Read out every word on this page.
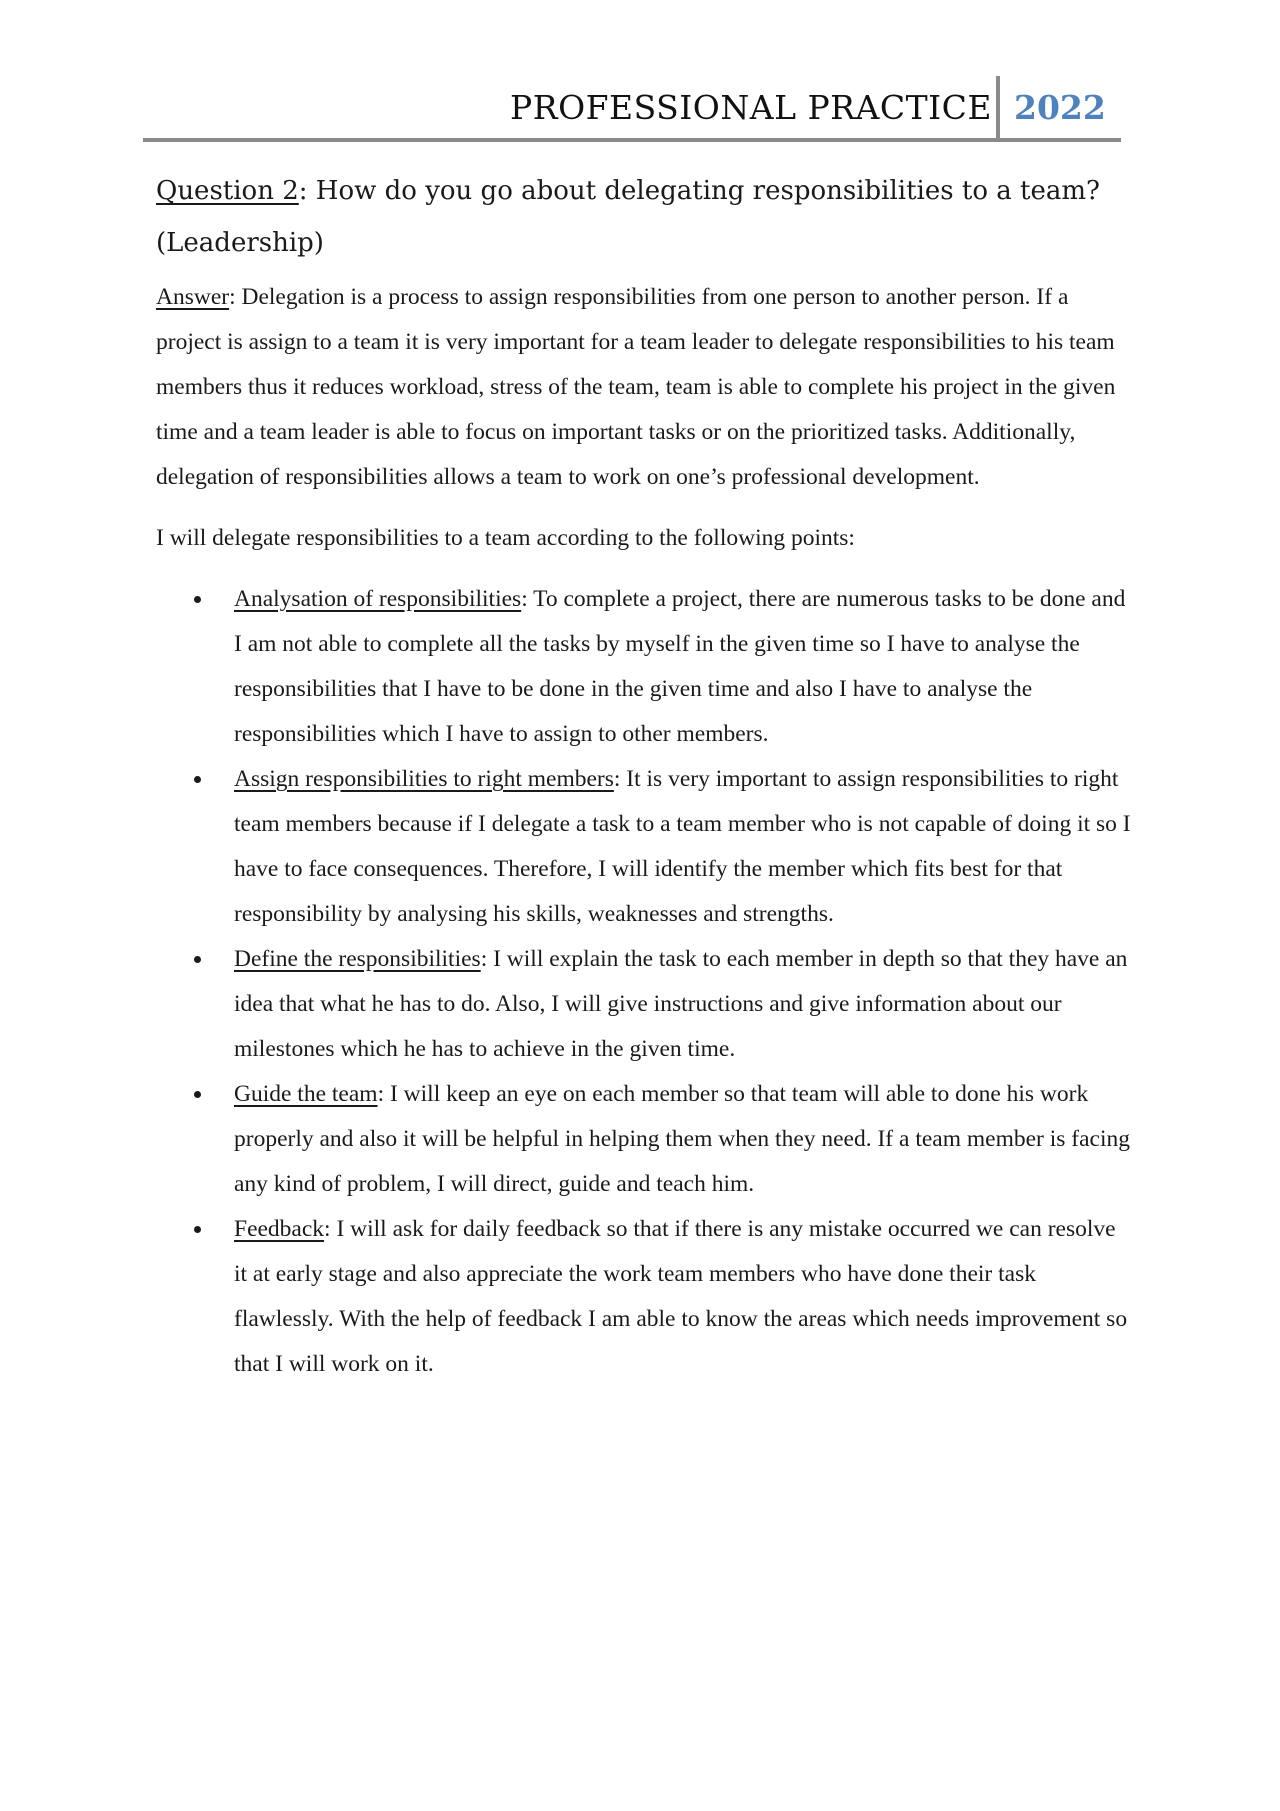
PROFESSIONAL PRACTICE 2022
Question 2: How do you go about delegating responsibilities to a team? (Leadership)

Answer: Delegation is a process to assign responsibilities from one person to another person. If a project is assign to a team it is very important for a team leader to delegate responsibilities to his team members thus it reduces workload, stress of the team, team is able to complete his project in the given time and a team leader is able to focus on important tasks or on the prioritized tasks. Additionally, delegation of responsibilities allows a team to work on one’s professional development.

I will delegate responsibilities to a team according to the following points:

Analysation of responsibilities: To complete a project, there are numerous tasks to be done and I am not able to complete all the tasks by myself in the given time so I have to analyse the responsibilities that I have to be done in the given time and also I have to analyse the responsibilities which I have to assign to other members.
Assign responsibilities to right members: It is very important to assign responsibilities to right team members because if I delegate a task to a team member who is not capable of doing it so I have to face consequences. Therefore, I will identify the member which fits best for that responsibility by analysing his skills, weaknesses and strengths.
Define the responsibilities: I will explain the task to each member in depth so that they have an idea that what he has to do. Also, I will give instructions and give information about our milestones which he has to achieve in the given time.
Guide the team: I will keep an eye on each member so that team will able to done his work properly and also it will be helpful in helping them when they need. If a team member is facing any kind of problem, I will direct, guide and teach him.
Feedback: I will ask for daily feedback so that if there is any mistake occurred we can resolve it at early stage and also appreciate the work team members who have done their task flawlessly. With the help of feedback I am able to know the areas which needs improvement so that I will work on it.
